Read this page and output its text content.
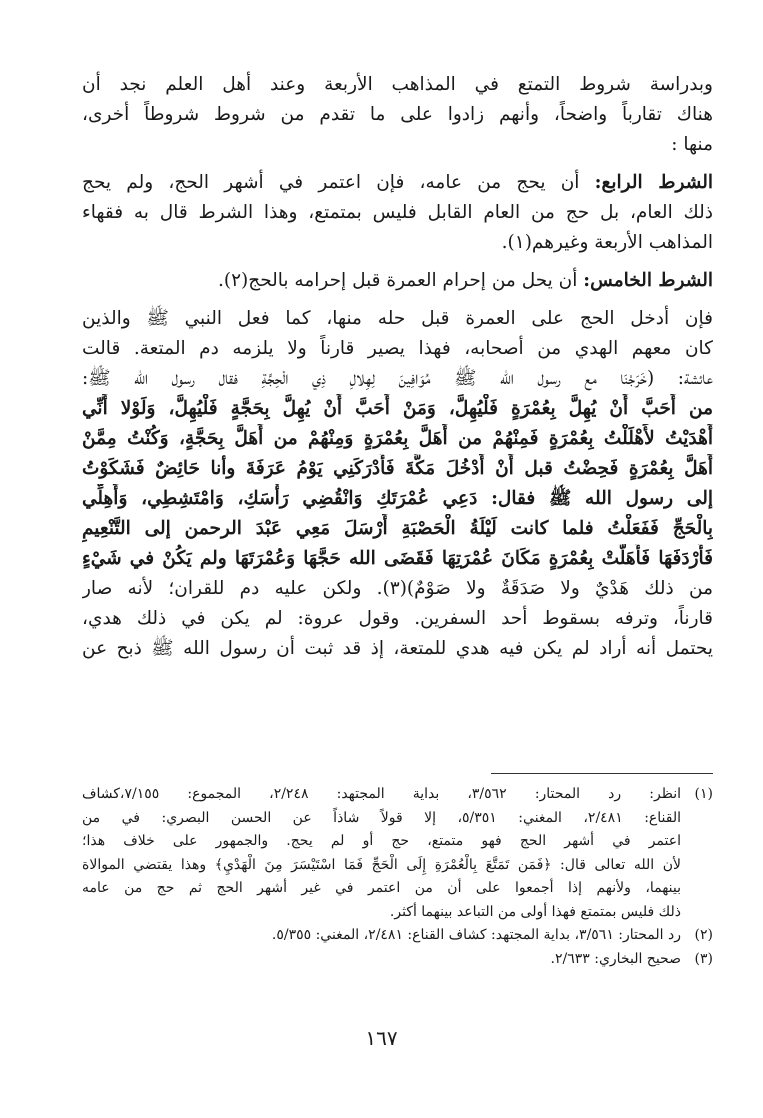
وبدراسة شروط التمتع في المذاهب الأربعة وعند أهل العلم نجد أن
هناك تقارباً واضحاً، وأنهم زادوا على ما تقدم من شروط شروطاً أخرى،
منها :
الشرط الرابع: أن يحج من عامه، فإن اعتمر في أشهر الحج، ولم يحج
ذلك العام، بل حج من العام القابل فليس بمتمتع، وهذا الشرط قال به فقهاء
المذاهب الأربعة وغيرهم(١).
الشرط الخامس: أن يحل من إحرام العمرة قبل إحرامه بالحج(٢).
فإن أدخل الحج على العمرة قبل حله منها، كما فعل النبي ﷺ والذين
كان معهم الهدي من أصحابه، فهذا يصير قارناً ولا يلزمه دم المتعة. قالت
عائشة: (خَرَجْنَا مع رسول الله ﷺ مُوَافِينَ لِهِلالِ ذِي الْحِجَّةِ فقال رسول الله ﷺ:
من أَحَبَّ أَنْ يُهِلَّ بِعُمْرَةٍ فَلْيُهِلَّ، وَمَنْ أَحَبَّ أَنْ يُهِلَّ بِحَجَّةٍ فَلْيُهِلَّ، وَلَوْلا أَنِّي
أَهْدَيْتُ لأَهْلَلْتُ بِعُمْرَةٍ فَمِنْهُمْ من أَهَلَّ بِعُمْرَةٍ وَمِنْهُمْ من أَهَلَّ بِحَجَّةٍ، وَكُنْتُ مِمَّنْ
أَهَلَّ بِعُمْرَةٍ فَحِضْتُ قبل أَنْ أَدْخُلَ مَكَّةَ فَأَدْرَكَنِي يَوْمُ عَرَفَةَ وأنا حَائِضٌ فَشَكَوْتُ
إلى رسول الله ﷺ فقال: دَعِي عُمْرَتَكِ وَانْقُضِي رَأْسَكِ، وَامْتَشِطِي، وَأَهِلِّي
بِالْحَجِّ فَفَعَلْتُ فلما كانت لَيْلَةُ الْحَصْبَةِ أَرْسَلَ مَعِي عَبْدَ الرحمن إلى التَّنْعِيمِ
فَأَرْدَفَهَا فَأَهَلَّتْ بِعُمْرَةٍ مَكَانَ عُمْرَتِهَا فَقَضَى الله حَجَّهَا وَعُمْرَتَهَا ولم يَكُنْ في شَيْءٍ
من ذلك هَدْيٌ ولا صَدَقَةٌ ولا صَوْمٌ)(٣). ولكن عليه دم للقران؛ لأنه صار
قارناً، وترفه بسقوط أحد السفرين. وقول عروة: لم يكن في ذلك هدي،
يحتمل أنه أراد لم يكن فيه هدي للمتعة، إذ قد ثبت أن رسول الله ﷺ ذبح عن
(١)
انظر: رد المحتار: ٣/٥٦٢، بداية المجتهد: ٢/٢٤٨، المجموع: ٧/١٥٥،كشاف
القناع: ٢/٤٨١، المغني: ٥/٣٥١، إلا قولاً شاذاً عن الحسن البصري: في من
اعتمر في أشهر الحج فهو متمتع، حج أو لم يحج. والجمهور على خلاف هذا؛
لأن الله تعالى قال: ﴿فَمَن تَمَتَّعَ بِالْعُمْرَةِ إِلَى الْحَجِّ فَمَا اسْتَيْسَرَ مِنَ الْهَدْيِ﴾ وهذا يقتضي الموالاة
بينهما، ولأنهم إذا أجمعوا على أن من اعتمر في غير أشهر الحج ثم حج من عامه
ذلك فليس بمتمتع فهذا أولى من التباعد بينهما أكثر.
(٢)
رد المحتار: ٣/٥٦١، بداية المجتهد: كشاف القناع: ٢/٤٨١، المغني: ٥/٣٥٥.
(٣)
صحيح البخاري: ٢/٦٣٣.
١٦٧
